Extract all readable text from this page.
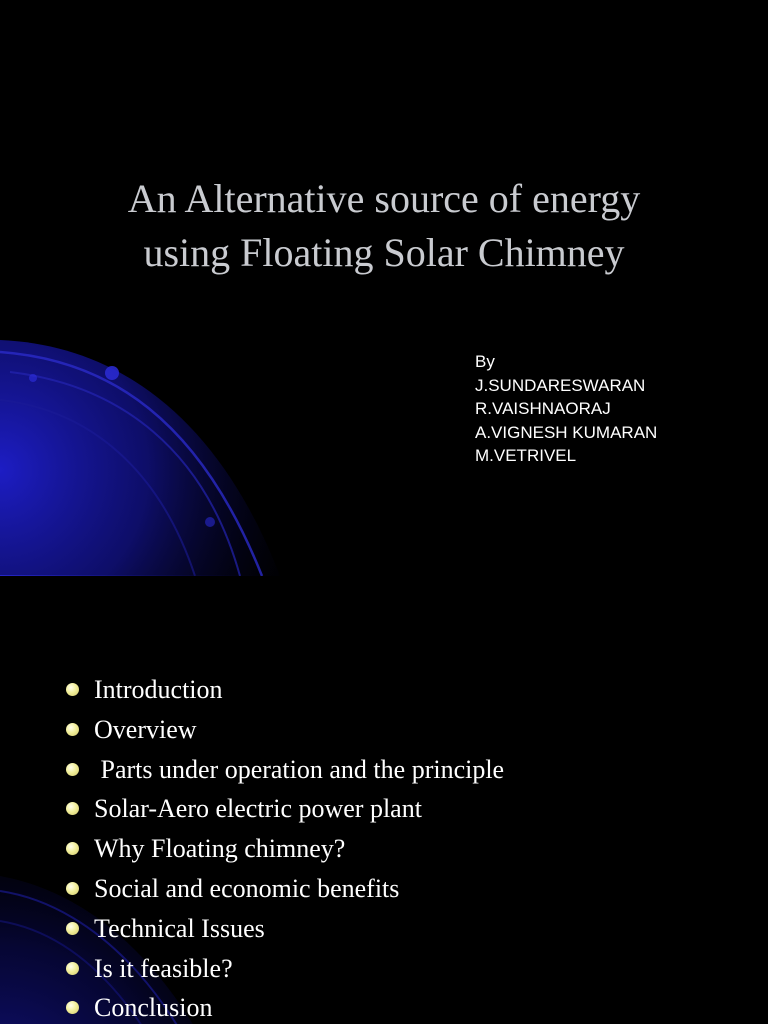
An Alternative source of energy
using Floating Solar Chimney
By
J.SUNDARESWARAN
R.VAISHNAORAJ
A.VIGNESH KUMARAN
M.VETRIVEL
Introduction
Overview
Parts under operation and the principle
Solar-Aero electric power plant
Why Floating chimney?
Social and economic benefits
Technical Issues
Is it feasible?
Conclusion
